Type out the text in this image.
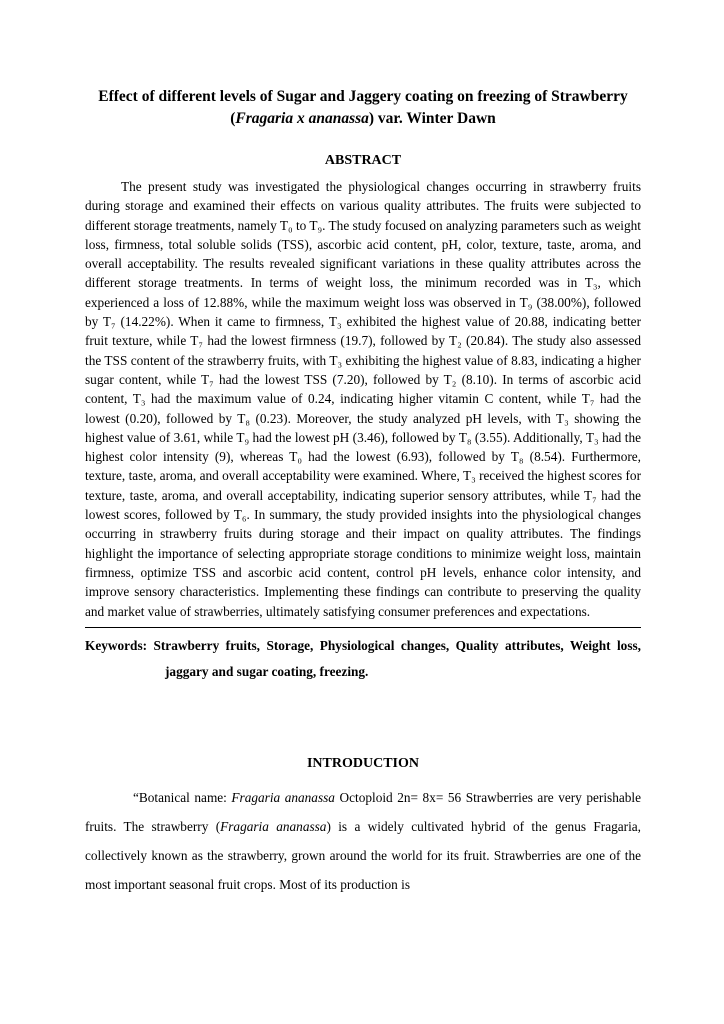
Effect of different levels of Sugar and Jaggery coating on freezing of Strawberry (Fragaria x ananassa) var. Winter Dawn
ABSTRACT

The present study was investigated the physiological changes occurring in strawberry fruits during storage and examined their effects on various quality attributes. The fruits were subjected to different storage treatments, namely T₀ to T₉. The study focused on analyzing parameters such as weight loss, firmness, total soluble solids (TSS), ascorbic acid content, pH, color, texture, taste, aroma, and overall acceptability. The results revealed significant variations in these quality attributes across the different storage treatments. In terms of weight loss, the minimum recorded was in T₃, which experienced a loss of 12.88%, while the maximum weight loss was observed in T₉ (38.00%), followed by T₇ (14.22%). When it came to firmness, T₃ exhibited the highest value of 20.88, indicating better fruit texture, while T₇ had the lowest firmness (19.7), followed by T₂ (20.84). The study also assessed the TSS content of the strawberry fruits, with T₃ exhibiting the highest value of 8.83, indicating a higher sugar content, while T₇ had the lowest TSS (7.20), followed by T₂ (8.10). In terms of ascorbic acid content, T₃ had the maximum value of 0.24, indicating higher vitamin C content, while T₇ had the lowest (0.20), followed by T₈ (0.23). Moreover, the study analyzed pH levels, with T₃ showing the highest value of 3.61, while T₉ had the lowest pH (3.46), followed by T₈ (3.55). Additionally, T₃ had the highest color intensity (9), whereas T₀ had the lowest (6.93), followed by T₈ (8.54). Furthermore, texture, taste, aroma, and overall acceptability were examined. Where, T₃ received the highest scores for texture, taste, aroma, and overall acceptability, indicating superior sensory attributes, while T₇ had the lowest scores, followed by T₆. In summary, the study provided insights into the physiological changes occurring in strawberry fruits during storage and their impact on quality attributes. The findings highlight the importance of selecting appropriate storage conditions to minimize weight loss, maintain firmness, optimize TSS and ascorbic acid content, control pH levels, enhance color intensity, and improve sensory characteristics. Implementing these findings can contribute to preserving the quality and market value of strawberries, ultimately satisfying consumer preferences and expectations.

Keywords: Strawberry fruits, Storage, Physiological changes, Quality attributes, Weight loss, jaggary and sugar coating, freezing.

INTRODUCTION

“Botanical name: Fragaria ananassa Octoploid 2n= 8x= 56 Strawberries are very perishable fruits. The strawberry (Fragaria ananassa) is a widely cultivated hybrid of the genus Fragaria, collectively known as the strawberry, grown around the world for its fruit. Strawberries are one of the most important seasonal fruit crops. Most of its production is
